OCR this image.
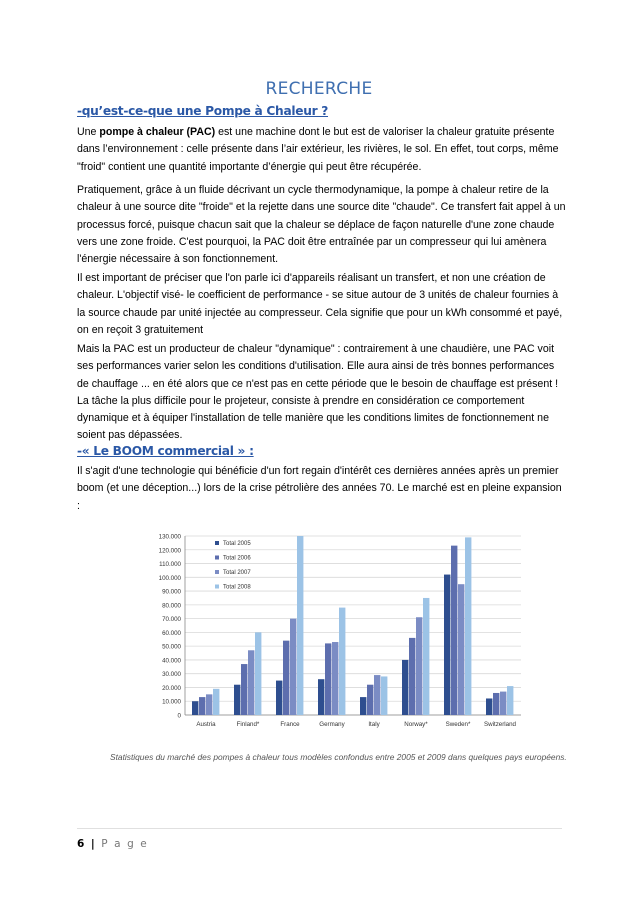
RECHERCHE
-qu’est-ce-que une Pompe à Chaleur ?

Une pompe à chaleur (PAC) est une machine dont le but est de valoriser la chaleur gratuite présente dans l’environnement : celle présente dans l’air extérieur, les rivières, le sol. En effet, tout corps, même "froid" contient une quantité importante d’énergie qui peut être récupérée.

Pratiquement, grâce à un fluide décrivant un cycle thermodynamique, la pompe à chaleur retire de la chaleur à une source dite "froide" et la rejette dans une source dite "chaude". Ce transfert fait appel à un processus forcé, puisque chacun sait que la chaleur se déplace de façon naturelle d'une zone chaude vers une zone froide. C'est pourquoi, la PAC doit être entraînée par un compresseur qui lui amènera l'énergie nécessaire à son fonctionnement.

Il est important de préciser que l'on parle ici d'appareils réalisant un transfert, et non une création de chaleur. L'objectif visé- le coefficient de performance - se situe autour de 3 unités de chaleur fournies à la source chaude par unité injectée au compresseur. Cela signifie que pour un kWh consommé et payé, on en reçoit 3 gratuitement

Mais la PAC est un producteur de chaleur "dynamique" : contrairement à une chaudière, une PAC voit ses performances varier selon les conditions d'utilisation. Elle aura ainsi de très bonnes performances de chauffage ... en été alors que ce n'est pas en cette période que le besoin de chauffage est présent ! La tâche la plus difficile pour le projeteur, consiste à prendre en considération ce comportement dynamique et à équiper l'installation de telle manière que les conditions limites de fonctionnement ne soient pas dépassées.

-« Le BOOM commercial » :

Il s'agit d'une technologie qui bénéficie d'un fort regain d'intérêt ces dernières années après un premier boom (et une déception...) lors de la crise pétrolière des années 70. Le marché est en pleine expansion :

0
10.000
20.000
30.000
40.000
50.000
60.000
70.000
80.000
90.000
100.000
110.000
120.000
130.000
Austria	Finland*	France	Germany	Italy	Norway*	Sweden* Switzerland
Total 2005
Total 2006
Total 2007
Total 2008
Statistiques du marché des pompes à chaleur tous modèles confondus entre 2005 et 2009 dans quelques pays européens.
6 | P a g e
